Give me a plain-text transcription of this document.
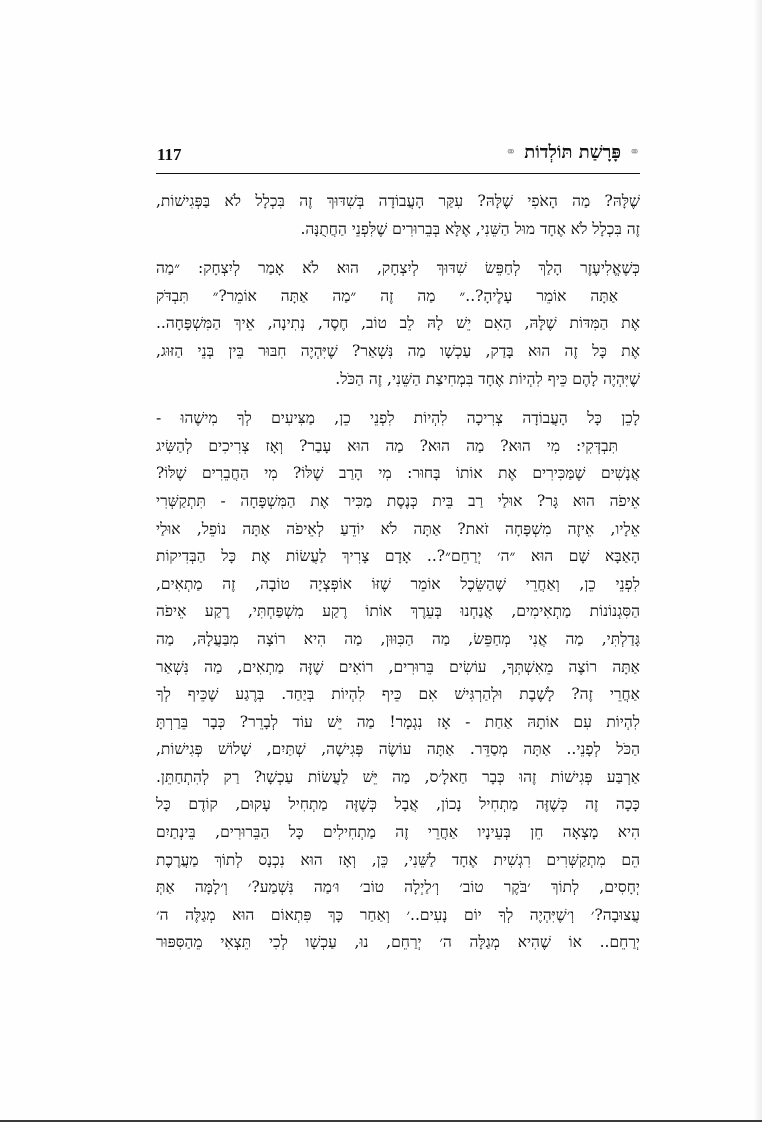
117	⚭
פָּרָשַׁת תּוֹלְדוֹת
⚭

שֶׁלָּהּ? מַה הָאֹפִי שֶׁלָּהּ? עִקַּר הָעֲבוֹדָה בְּשִׁדּוּךְ זֶה בִּכְלָל לֹא בַּפְּגִישׁוֹת,
זֶה בִּכְלָל לֹא אֶחָד מוּל הַשֵּׁנִי, אֶלָּא בְּבֵרוּרִים שֶׁלִּפְנֵי הַחֲתֻנָּה.

כְּשֶׁאֱלִיעֶזֶר הָלַךְ לְחַפֵּשׂ שִׁדּוּךְ לְיִצְחָק, הוּא לֹא אָמַר לְיִצְחָק: ״מַה
אַתָּה אוֹמֵר עָלֶיהָ?..״ מַה זֶה ״מַה אַתָּה אוֹמֵר?״ תִּבְדֹּק
אֶת הַמִּדּוֹת שֶׁלָּהּ, הַאִם יֵשׁ לָהּ לֵב טוֹב, חֶסֶד, נְתִינָה, אֵיךְ הַמִּשְׁפָּחָה..
אֶת כָּל זֶה הוּא בָּדַק, עַכְשָׁו מַה נִּשְׁאַר? שֶׁיִּהְיֶה חִבּוּר בֵּין בְּנֵי הַזּוּג,
שֶׁיִּהְיֶה לָהֶם כֵּיף לִהְיוֹת אֶחָד בִּמְחִיצַת הַשֵּׁנִי, זֶה הַכֹּל.

לָכֵן כָּל הָעֲבוֹדָה צְרִיכָה לִהְיוֹת לִפְנֵי כֵן, מַצִּיעִים לְךָ מִישֶׁהוּ -
תִּבְדְּקִי: מִי הוּא? מַה הוּא? מַה הוּא עָבַר? וְאָז צְרִיכִים לְהַשִּׂיג
אֲנָשִׁים שֶׁמַּכִּירִים אֶת אוֹתוֹ בָּחוּר: מִי הָרַב שֶׁלּוֹ? מִי הַחֲבֵרִים שֶׁלּוֹ?
אֵיפֹה הוּא גָּר? אוּלַי רַב בֵּית כְּנֶסֶת מַכִּיר אֶת הַמִּשְׁפָּחָה - תִּתְקַשְּׁרִי
אֵלָיו, אֵיזֶה מִשְׁפָּחָה זֹאת? אַתָּה לֹא יוֹדֵעַ לְאֵיפֹה אַתָּה נוֹפֵל, אוּלַי
הָאַבָּא שָׁם הוּא ״ה׳ יְרַחֵם״?.. אָדָם צָרִיךְ לַעֲשׂוֹת אֶת כָּל הַבְּדִיקוֹת
לִפְנֵי כֵן, וְאַחֲרֵי שֶׁהַשֵּׂכֶל אוֹמֵר שֶׁזּוֹ אוֹפְּצְיָה טוֹבָה, זֶה מַתְאִים,
הַסִּגְנוֹנוֹת מַתְאִימִים, אֲנַחְנוּ בְּעֵרֶךְ אוֹתוֹ רֶקַע מִשְׁפַּחְתִּי, רֶקַע אֵיפֹה
גָּדַלְתִּי, מַה אֲנִי מְחַפֵּשׂ, מַה הַכִּוּוּן, מַה הִיא רוֹצָה מִבַּעֲלָהּ, מַה
אַתָּה רוֹצֶה מֵאִשְׁתְּךָ, עוֹשִׂים בֵּרוּרִים, רוֹאִים שֶׁזֶּה מַתְאִים, מַה נִּשְׁאַר
אַחֲרֵי זֶה? לָשֶׁבֶת וּלְהַרְגִּישׁ אִם כֵּיף לִהְיוֹת בְּיַחַד. בְּרֶגַע שֶׁכֵּיף לְךָ
לִהְיוֹת עִם אוֹתָהּ אַחַת - אָז נִגְמָר! מַה יֵּשׁ עוֹד לְבָרֵר? כְּבָר בֵּרַרְתָּ
הַכֹּל לְפָנֵי.. אַתָּה מְסַדֵּר. אַתָּה עוֹשֶׂה פְּגִישָׁה, שְׁתַּיִם, שָׁלוֹשׁ פְּגִישׁוֹת,
אַרְבַּע פְּגִישׁוֹת זֶהוּ כְּבָר חַאלָ׳ס, מַה יֵּשׁ לַעֲשׂוֹת עַכְשָׁו? רַק לְהִתְחַתֵּן.
כָּכָה זֶה כְּשֶׁזֶּה מַתְחִיל נָכוֹן, אֲבָל כְּשֶׁזֶּה מַתְחִיל עָקוּם, קוֹדֶם כָּל
הִיא מָצְאָה חֵן בְּעֵינָיו אַחֲרֵי זֶה מַתְחִילִים כָּל הַבֵּרוּרִים, בֵּינְתַיִם
הֵם מִתְקַשְּׁרִים רִגְשִׁית אֶחָד לַשֵּׁנִי, כֵּן, וְאָז הוּא נִכְנָס לְתוֹךְ מַעֲרֶכֶת
יְחָסִים, לְתוֹךְ ׳בֹּקֶר טוֹב׳ וְ׳לַיְלָה טוֹב׳ וּ׳מַה נִּשְׁמַע?׳ וְ׳לָמָּה אַתְּ
עֲצוּבָה?׳ וְ׳שֶׁיִּהְיֶה לְךָ יוֹם נָעִים..׳ וְאַחַר כָּךְ פִּתְאוֹם הוּא מְגַלֶּה ה׳
יְרַחֵם.. אוֹ שֶׁהִיא מְגַלָּה ה׳ יְרַחֵם, נוּ, עַכְשָׁו לְכִי תֵּצְאִי מֵהַסִּפּוּר
